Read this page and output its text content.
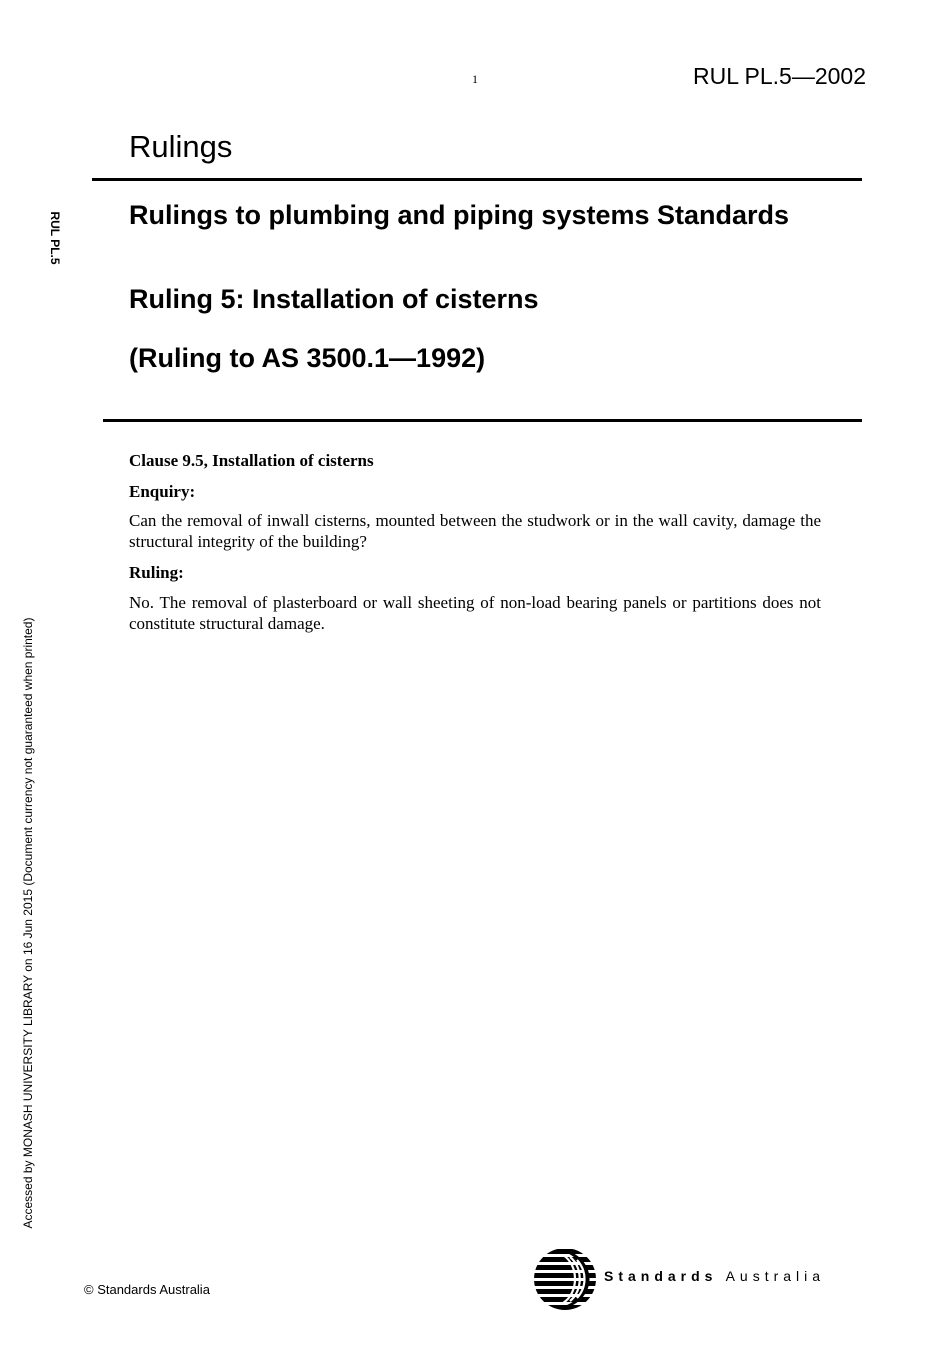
1	RUL PL.5—2002
Rulings
RUL PL.5 Rulings to plumbing and piping systems Standards
Ruling 5: Installation of cisterns
(Ruling to AS 3500.1—1992)
Clause 9.5, Installation of cisterns
Enquiry:
Can the removal of inwall cisterns, mounted between the studwork or in the wall cavity, damage the structural integrity of the building?
Ruling:
No. The removal of plasterboard or wall sheeting of non-load bearing panels or partitions does not constitute structural damage.
Accessed by MONASH UNIVERSITY LIBRARY on 16 Jun 2015 (Document currency not guaranteed when printed)
© Standards Australia
Standards Australia
